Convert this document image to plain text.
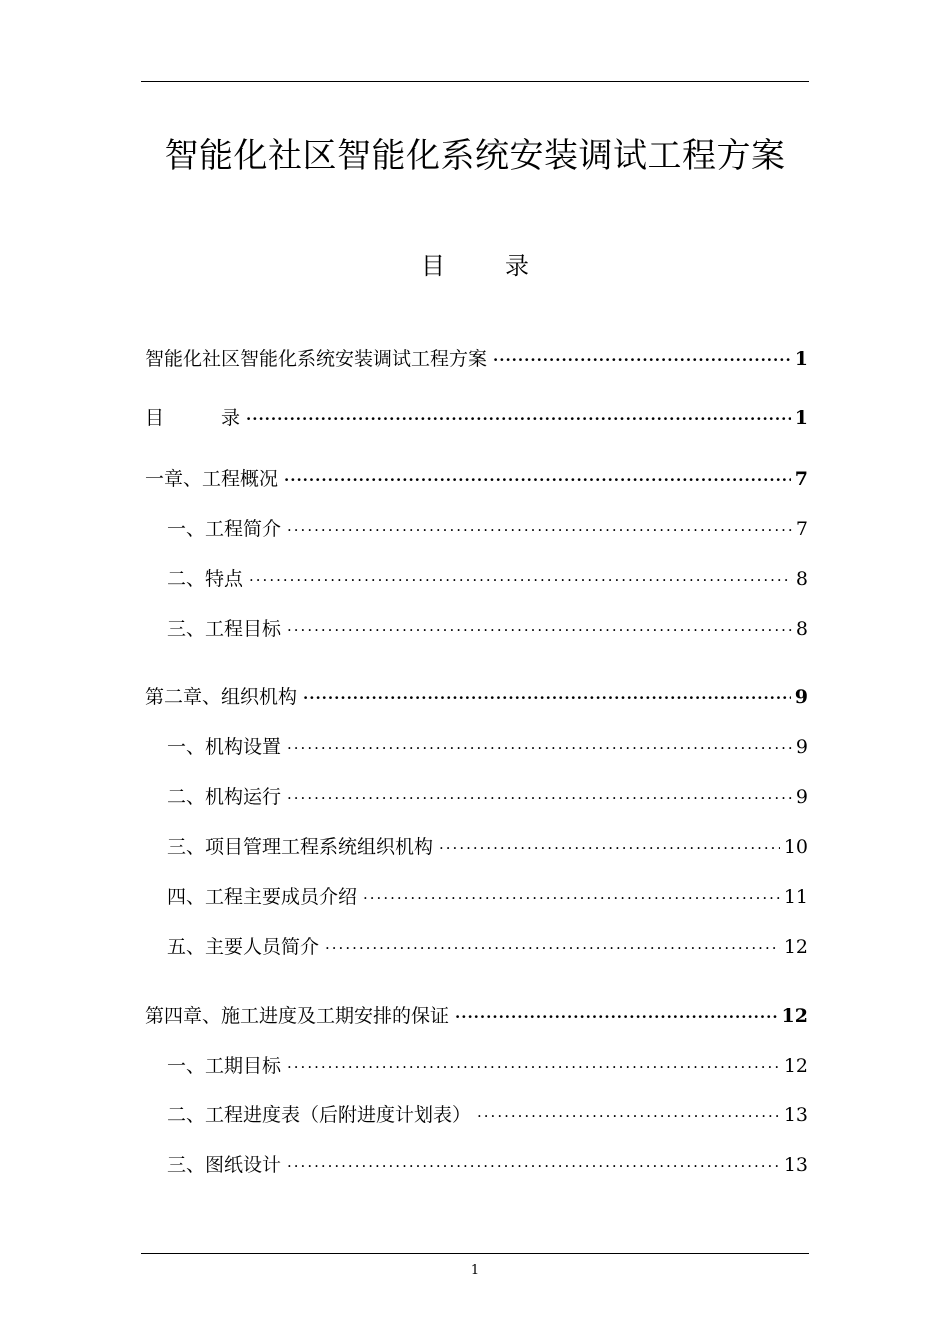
智能化社区智能化系统安装调试工程方案
目	录
智能化社区智能化系统安装调试工程方案 ·····	1
目　　　录 ·····	1
一章、工程概况 ·····	7
一、工程简介 ·····	7
二、特点 ·····	8
三、工程目标 ·····	8
第二章、组织机构 ·····	9
一、机构设置 ·····	9
二、机构运行 ·····	9
三、项目管理工程系统组织机构 ·····	10
四、工程主要成员介绍 ·····	11
五、主要人员简介 ·····	12
第四章、施工进度及工期安排的保证 ·····	12
一、工期目标 ·····	12
二、工程进度表（后附进度计划表） ·····	13
三、图纸设计 ·····	13
1
